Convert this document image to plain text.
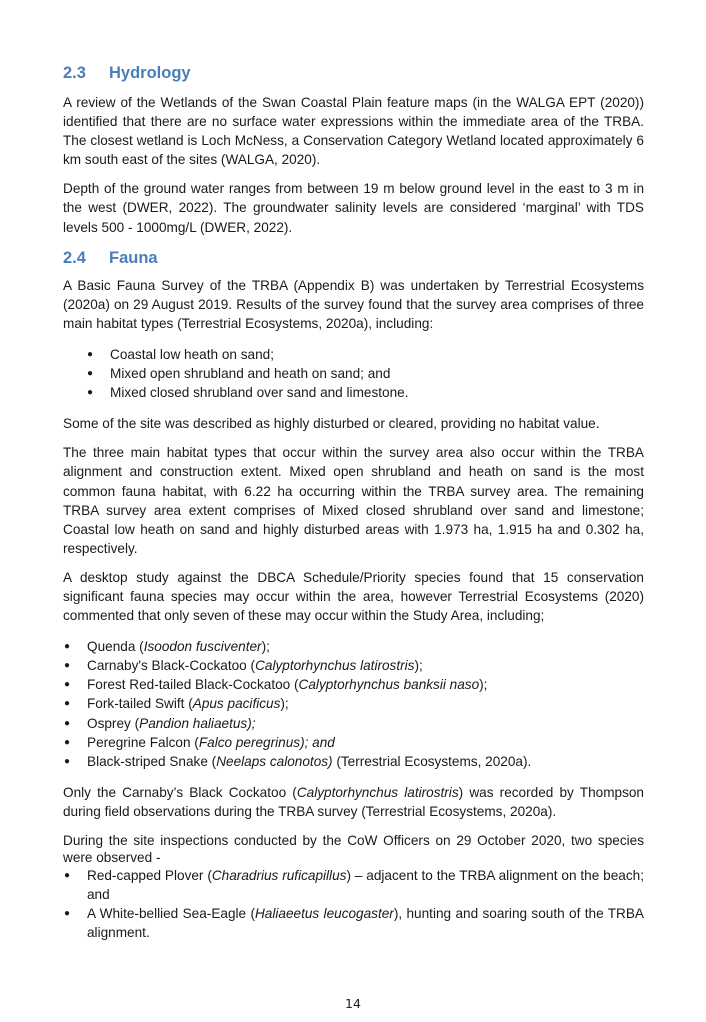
2.3 Hydrology

A review of the Wetlands of the Swan Coastal Plain feature maps (in the WALGA EPT (2020)) identified that there are no surface water expressions within the immediate area of the TRBA. The closest wetland is Loch McNess, a Conservation Category Wetland located approximately 6 km south east of the sites (WALGA, 2020).

Depth of the ground water ranges from between 19 m below ground level in the east to 3 m in the west (DWER, 2022). The groundwater salinity levels are considered ‘marginal’ with TDS levels 500 - 1000mg/L (DWER, 2022).

2.4 Fauna

A Basic Fauna Survey of the TRBA (Appendix B) was undertaken by Terrestrial Ecosystems (2020a) on 29 August 2019. Results of the survey found that the survey area comprises of three main habitat types (Terrestrial Ecosystems, 2020a), including:

● Coastal low heath on sand;
● Mixed open shrubland and heath on sand; and
● Mixed closed shrubland over sand and limestone.

Some of the site was described as highly disturbed or cleared, providing no habitat value.

The three main habitat types that occur within the survey area also occur within the TRBA alignment and construction extent. Mixed open shrubland and heath on sand is the most common fauna habitat, with 6.22 ha occurring within the TRBA survey area. The remaining TRBA survey area extent comprises of Mixed closed shrubland over sand and limestone; Coastal low heath on sand and highly disturbed areas with 1.973 ha, 1.915 ha and 0.302 ha, respectively.

A desktop study against the DBCA Schedule/Priority species found that 15 conservation significant fauna species may occur within the area, however Terrestrial Ecosystems (2020) commented that only seven of these may occur within the Study Area, including;

● Quenda (Isoodon fusciventer);
● Carnaby's Black-Cockatoo (Calyptorhynchus latirostris);
● Forest Red-tailed Black-Cockatoo (Calyptorhynchus banksii naso);
● Fork-tailed Swift (Apus pacificus);
● Osprey (Pandion haliaetus);
● Peregrine Falcon (Falco peregrinus); and
● Black-striped Snake (Neelaps calonotos) (Terrestrial Ecosystems, 2020a).

Only the Carnaby’s Black Cockatoo (Calyptorhynchus latirostris) was recorded by Thompson during field observations during the TRBA survey (Terrestrial Ecosystems, 2020a).

During the site inspections conducted by the CoW Officers on 29 October 2020, two species were observed -

● Red-capped Plover (Charadrius ruficapillus) – adjacent to the TRBA alignment on the beach; and
● A White-bellied Sea-Eagle (Haliaeetus leucogaster), hunting and soaring south of the TRBA alignment.
14
